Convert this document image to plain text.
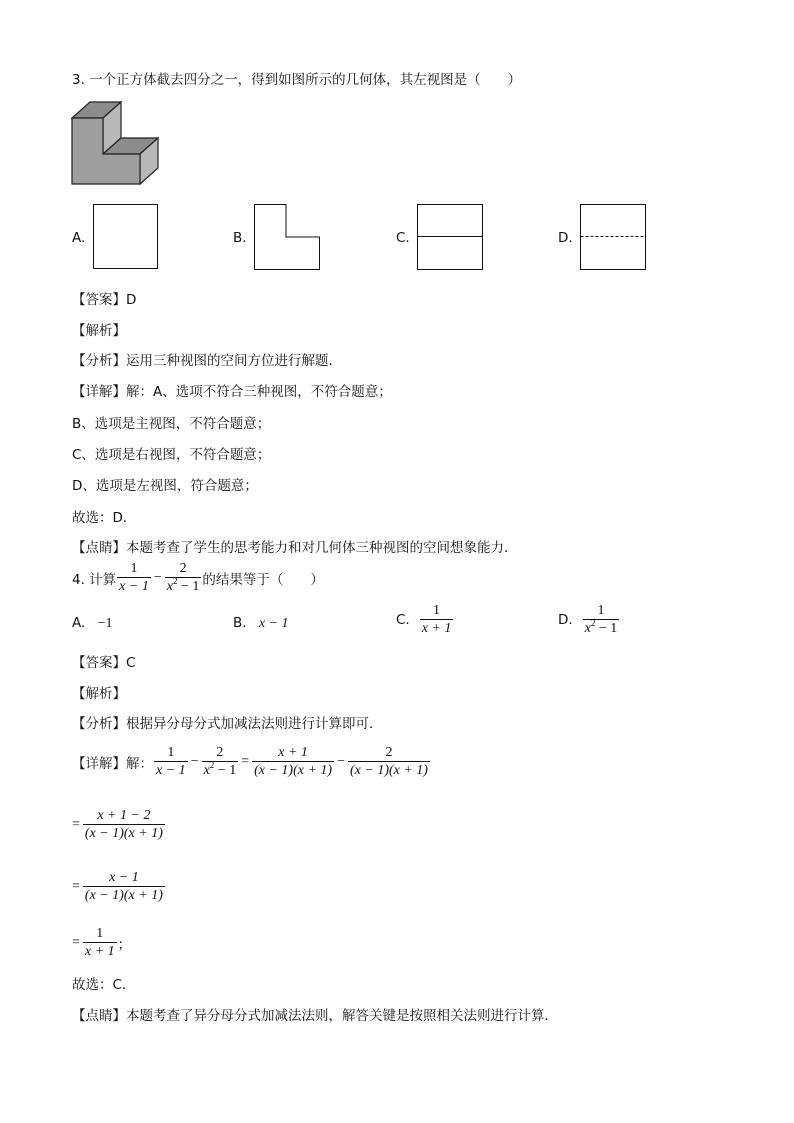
3. 一个正方体截去四分之一，得到如图所示的几何体，其左视图是（　　）
A.	B.	C.	D.
【答案】D
【解析】
【分析】运用三种视图的空间方位进行解题．
【详解】解：A、选项不符合三种视图，不符合题意；
B、选项是主视图，不符合题意；
C、选项是右视图，不符合题意；
D、选项是左视图，符合题意；
故选：D．
【点睛】本题考查了学生的思考能力和对几何体三种视图的空间想象能力．
4. 计算 $\frac{1}{x - 1} - \frac{2}{x^2 - 1}$ 的结果等于（　　）
A. −1	B. x − 1	C. $\frac{1}{x + 1}$	D. $\frac{1}{x^2 - 1}$
【答案】C
【解析】
【分析】根据异分母分式加减法法则进行计算即可．
【详解】解： $\frac{1}{x - 1} - \frac{2}{x^2 - 1} = \frac{x + 1}{(x - 1)(x + 1)} - \frac{2}{(x - 1)(x + 1)}$
= $\frac{x + 1 - 2}{(x - 1)(x + 1)}$
= $\frac{x - 1}{(x - 1)(x + 1)}$
= $\frac{1}{x + 1}$ ；
故选：C．
【点睛】本题考查了异分母分式加减法法则，解答关键是按照相关法则进行计算．
